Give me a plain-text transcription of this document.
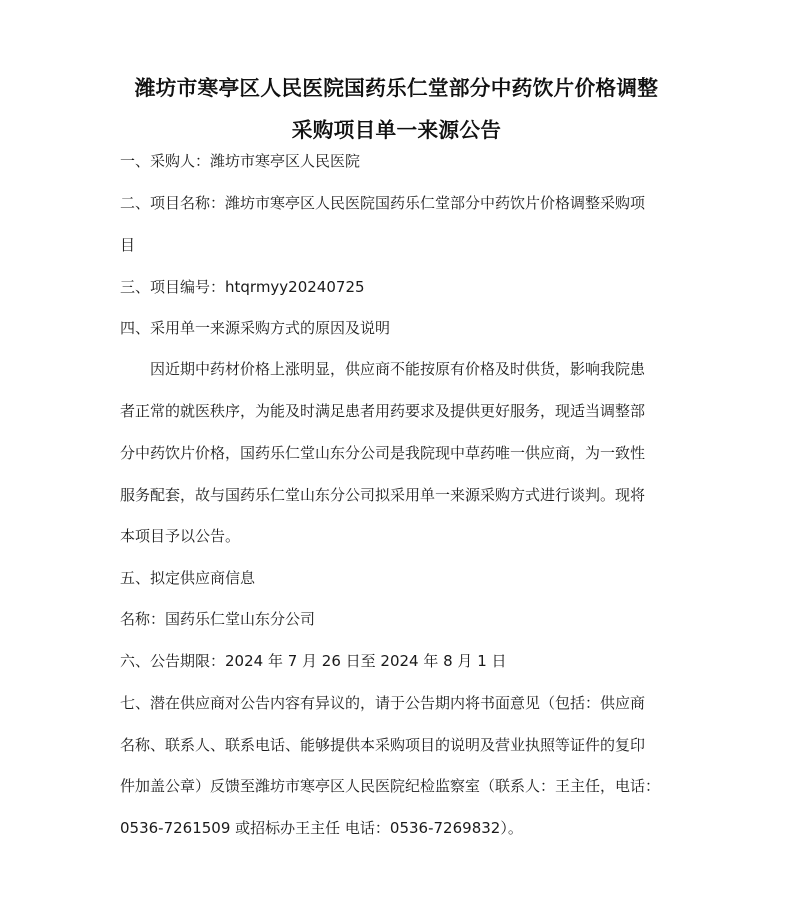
潍坊市寒亭区人民医院国药乐仁堂部分中药饮片价格调整
采购项目单一来源公告
一、采购人：潍坊市寒亭区人民医院
二、项目名称：潍坊市寒亭区人民医院国药乐仁堂部分中药饮片价格调整采购项
目
三、项目编号：htqrmyy20240725
四、采用单一来源采购方式的原因及说明
因近期中药材价格上涨明显，供应商不能按原有价格及时供货，影响我院患
者正常的就医秩序，为能及时满足患者用药要求及提供更好服务，现适当调整部
分中药饮片价格，国药乐仁堂山东分公司是我院现中草药唯一供应商，为一致性
服务配套，故与国药乐仁堂山东分公司拟采用单一来源采购方式进行谈判。现将
本项目予以公告。
五、拟定供应商信息
名称：国药乐仁堂山东分公司
六、公告期限：2024 年 7 月 26 日至 2024 年 8 月 1 日
七、潜在供应商对公告内容有异议的，请于公告期内将书面意见（包括：供应商
名称、联系人、联系电话、能够提供本采购项目的说明及营业执照等证件的复印
件加盖公章）反馈至潍坊市寒亭区人民医院纪检监察室（联系人：王主任，电话：
0536-7261509 或招标办王主任 电话：0536-7269832）。
